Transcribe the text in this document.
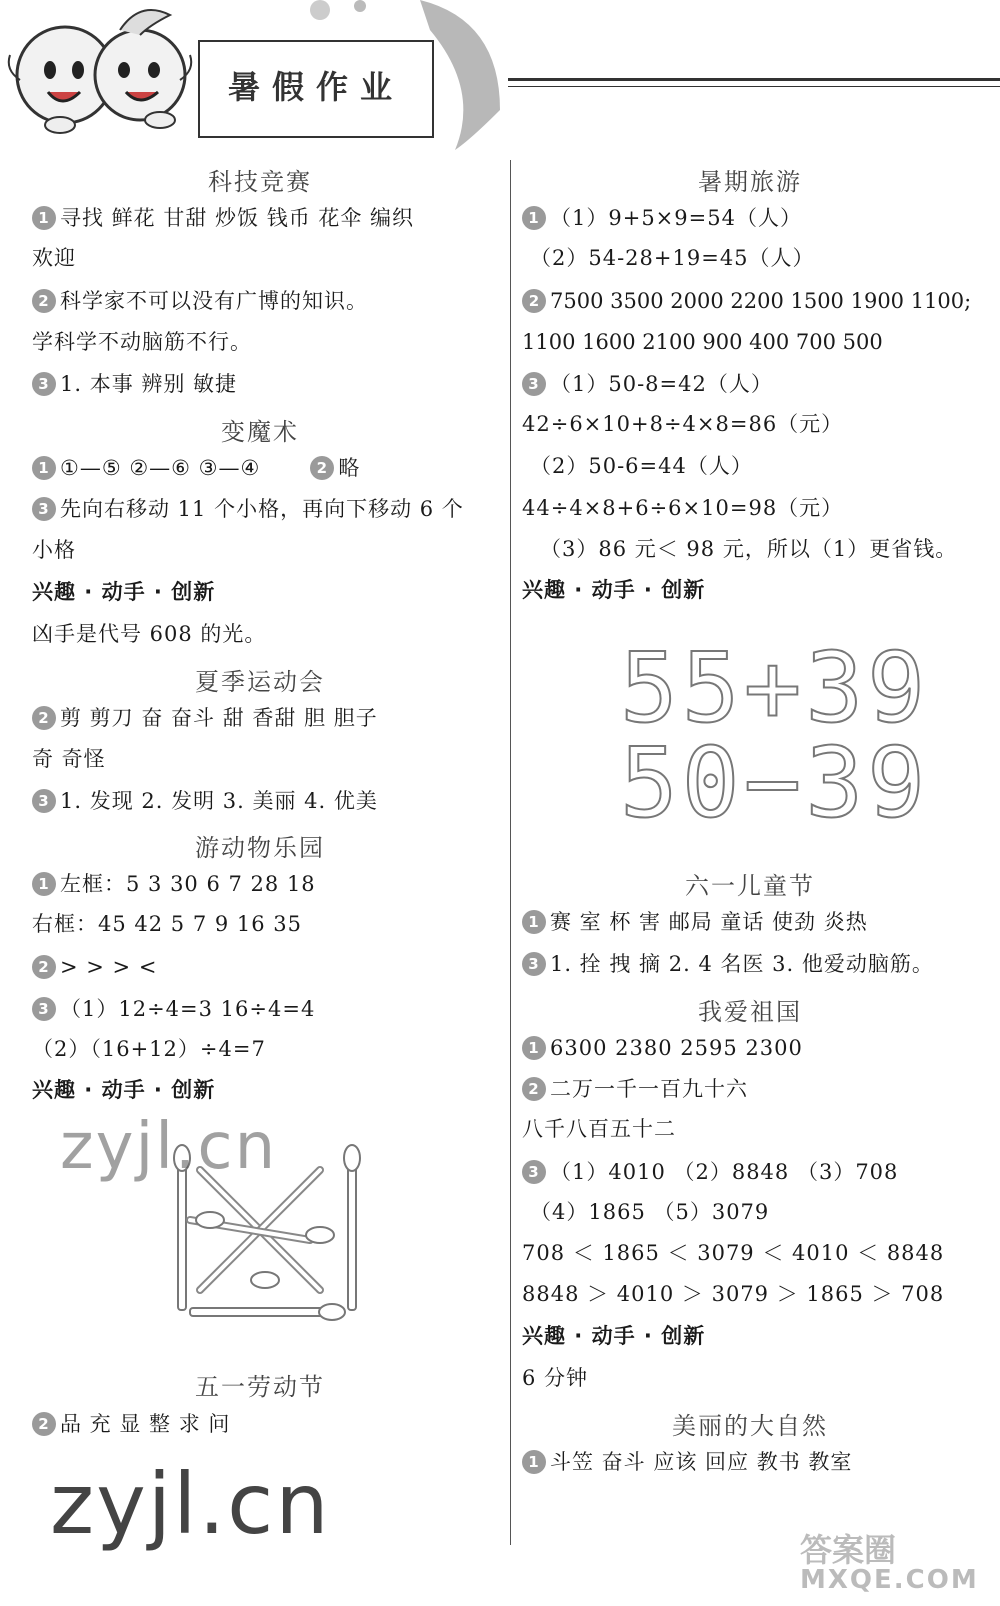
暑假作业
科技竞赛
1 寻找 鲜花 甘甜 炒饭 钱币 花伞 编织
欢迎
2 科学家不可以没有广博的知识。
学科学不动脑筋不行。
3 1. 本事 辨别 敏捷
变魔术
1 ①—⑤ ②—⑥ ③—④	2 略
3 先向右移动 11 个小格，再向下移动 6 个
小格
兴趣 · 动手 · 创新
凶手是代号 608 的光。
夏季运动会
2 剪 剪刀 奋 奋斗 甜 香甜 胆 胆子
奇 奇怪
3 1. 发现 2. 发明 3. 美丽 4. 优美
游动物乐园
1 左框：5 3 30 6 7 28 18
右框：45 42 5 7 9 16 35
2 > > > <
3 （1）12÷4=3 16÷4=4
（2）（16+12）÷4=7
兴趣 · 动手 · 创新
zyjl.cn
五一劳动节
2 品 充 显 整 求 问
zyjl.cn
暑期旅游
1 （1）9+5×9=54（人）
（2）54-28+19=45（人）
2 7500 3500 2000 2200 1500 1900 1100;
1100 1600 2100 900 400 700 500
3 （1）50-8=42（人）
42÷6×10+8÷4×8=86（元）
（2）50-6=44（人）
44÷4×8+6÷6×10=98（元）
（3）86 元＜ 98 元，所以（1）更省钱。
兴趣 · 动手 · 创新
55+39
50−39
六一儿童节
1 赛 室 杯 害 邮局 童话 使劲 炎热
3 1. 拴 拽 摘 2. 4 名医 3. 他爱动脑筋。
我爱祖国
1 6300 2380 2595 2300
2 二万一千一百九十六
八千八百五十二
3 （1）4010 （2）8848 （3）708
（4）1865 （5）3079
708 ＜ 1865 ＜ 3079 ＜ 4010 ＜ 8848
8848 ＞ 4010 ＞ 3079 ＞ 1865 ＞ 708
兴趣 · 动手 · 创新
6 分钟
美丽的大自然
1 斗笠 奋斗 应该 回应 教书 教室
答案圈
MXQE.COM
